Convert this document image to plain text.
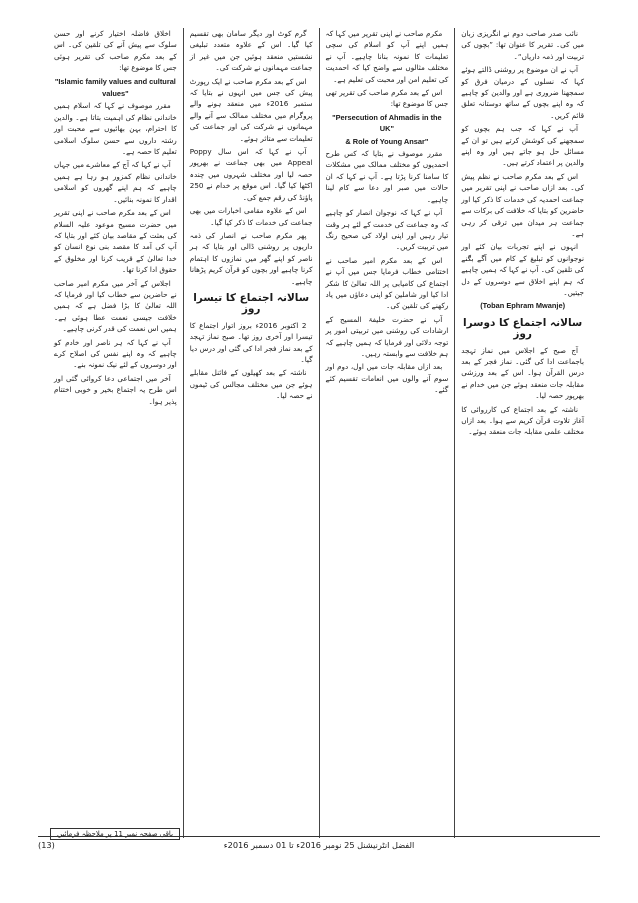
نائب صدر صاحب دوم نے انگریزی زبان میں کی۔ تقریر کا عنوان تھا: ”بچوں کی تربیت اور ذمہ داریاں“۔

آپ نے ان موضوع پر روشنی ڈالتے ہوئے کہا کہ نسلوں کے درمیان فرق کو سمجھنا ضروری ہے اور والدین کو چاہیے کہ وہ اپنے بچوں کے ساتھ دوستانہ تعلق قائم کریں۔

آپ نے کہا کہ جب ہم بچوں کو سمجھنے کی کوشش کرتے ہیں تو ان کے مسائل حل ہو جاتے ہیں اور وہ اپنے والدین پر اعتماد کرتے ہیں۔

اس کے بعد مکرم صاحب نے نظم پیش کی۔ بعد ازاں صاحب نے اپنی تقریر میں جماعت احمدیہ کی خدمات کا ذکر کیا اور حاضرین کو بتایا کہ خلافت کی برکات سے جماعت ہر میدان میں ترقی کر رہی ہے۔

انہوں نے اپنے تجربات بیان کئے اور نوجوانوں کو تبلیغ کے کام میں آگے بڰنے کی تلقین کی۔ آپ نے کہا کہ ہمیں چاہیے کہ ہم اپنے اخلاق سے دوسروں کے دل جیتیں۔

(Toban Ephram Mwanje)
سالانہ اجتماع کا دوسرا روز

آج صبح کے اجلاس میں نماز تہجد باجماعت ادا کی گئی۔ نماز فجر کے بعد درس القرآن ہوا۔ اس کے بعد ورزشی مقابلہ جات منعقد ہوئے جن میں خدام نے بھرپور حصہ لیا۔

ناشتہ کے بعد اجتماع کی کارروائی کا آغاز تلاوت قرآن کریم سے ہوا۔ بعد ازاں مختلف علمی مقابلہ جات منعقد ہوئے۔

مکرم صاحب نے اپنی تقریر میں کہا کہ ہمیں اپنے آپ کو اسلام کی سچی تعلیمات کا نمونہ بنانا چاہیے۔ آپ نے مختلف مثالوں سے واضح کیا کہ احمدیت کی تعلیم امن اور محبت کی تعلیم ہے۔

اس کے بعد مکرم صاحب کی تقریر تھی جس کا موضوع تھا:

"Persecution of Ahmadis in the UK"
& Role of Young Ansar"

مقرر موصوف نے بتایا کہ کس طرح احمدیوں کو مختلف ممالک میں مشکلات کا سامنا کرنا پڑتا ہے۔ آپ نے کہا کہ ان حالات میں صبر اور دعا سے کام لینا چاہیے۔

آپ نے کہا کہ نوجوان انصار کو چاہیے کہ وہ جماعت کی خدمت کے لئے ہر وقت تیار رہیں اور اپنی اولاد کی صحیح رنگ میں تربیت کریں۔

اس کے بعد مکرم امیر صاحب نے اختتامی خطاب فرمایا جس میں آپ نے اجتماع کی کامیابی پر اللہ تعالیٰ کا شکر ادا کیا اور شاملین کو اپنی دعاؤں میں یاد رکھنے کی تلقین کی۔

آپ نے حضرت خلیفۃ المسیح کے ارشادات کی روشنی میں تربیتی امور پر توجہ دلائی اور فرمایا کہ ہمیں چاہیے کہ ہم خلافت سے وابستہ رہیں۔

بعد ازاں مقابلہ جات میں اول، دوم اور سوم آنے والوں میں انعامات تقسیم کئے گئے۔

گرم کوٹ اور دیگر سامان بھی تقسیم کیا گیا۔ اس کے علاوہ متعدد تبلیغی نشستیں منعقد ہوئیں جن میں غیر از جماعت مہمانوں نے شرکت کی۔

اس کے بعد مکرم صاحب نے ایک رپورٹ پیش کی جس میں انہوں نے بتایا کہ ستمبر 2016ء میں منعقد ہونے والے پروگرام میں مختلف ممالک سے آنے والے مہمانوں نے شرکت کی اور جماعت کی تعلیمات سے متاثر ہوئے۔

آپ نے کہا کہ اس سال Poppy Appeal میں بھی جماعت نے بھرپور حصہ لیا اور مختلف شہروں میں چندہ اکٹھا کیا گیا۔ اس موقع پر خدام نے 250 پاؤنڈ کی رقم جمع کی۔

اس کے علاوہ مقامی اخبارات میں بھی جماعت کی خدمات کا ذکر کیا گیا۔

پھر مکرم صاحب نے انصار کی ذمہ داریوں پر روشنی ڈالی اور بتایا کہ ہر ناصر کو اپنے گھر میں نمازوں کا اہتمام کرنا چاہیے اور بچوں کو قرآن کریم پڑھانا چاہیے۔

سالانہ اجتماع کا تیسرا روز

2 اکتوبر 2016ء بروز اتوار اجتماع کا تیسرا اور آخری روز تھا۔ صبح نماز تہجد کے بعد نماز فجر ادا کی گئی اور درس دیا گیا۔

ناشتہ کے بعد کھیلوں کے فائنل مقابلے ہوئے جن میں مختلف مجالس کی ٹیموں نے حصہ لیا۔

اخلاق فاضلہ اختیار کرنے اور حسن سلوک سے پیش آنے کی تلقین کی۔ اس کے بعد مکرم صاحب کی تقریر ہوئی جس کا موضوع تھا:

"Islamic family values and cultural
values"

مقرر موصوف نے کہا کہ اسلام ہمیں خاندانی نظام کی اہمیت بتاتا ہے۔ والدین کا احترام، بہن بھائیوں سے محبت اور رشتہ داروں سے حسن سلوک اسلامی تعلیم کا حصہ ہے۔

آپ نے کہا کہ آج کے معاشرے میں جہاں خاندانی نظام کمزور ہو رہا ہے ہمیں چاہیے کہ ہم اپنے گھروں کو اسلامی اقدار کا نمونہ بنائیں۔

اس کے بعد مکرم صاحب نے اپنی تقریر میں حضرت مسیح موعود علیہ السلام کی بعثت کے مقاصد بیان کئے اور بتایا کہ آپ کی آمد کا مقصد بنی نوع انسان کو خدا تعالیٰ کے قریب کرنا اور مخلوق کے حقوق ادا کرنا تھا۔

اجلاس کے آخر میں مکرم امیر صاحب نے حاضرین سے خطاب کیا اور فرمایا کہ اللہ تعالیٰ کا بڑا فضل ہے کہ ہمیں خلافت جیسی نعمت عطا ہوئی ہے۔ ہمیں اس نعمت کی قدر کرنی چاہیے۔

آپ نے کہا کہ ہر ناصر اور خادم کو چاہیے کہ وہ اپنے نفس کی اصلاح کرے اور دوسروں کے لئے نیک نمونہ بنے۔

آخر میں اجتماعی دعا کروائی گئی اور اس طرح یہ اجتماع بخیر و خوبی اختتام پذیر ہوا۔

باقی صفحہ نمبر 11 پر ملاحظہ فرمائیں
(13)	الفضل انٹرنیشنل 25 نومبر 2016ء تا 01 دسمبر 2016ء
